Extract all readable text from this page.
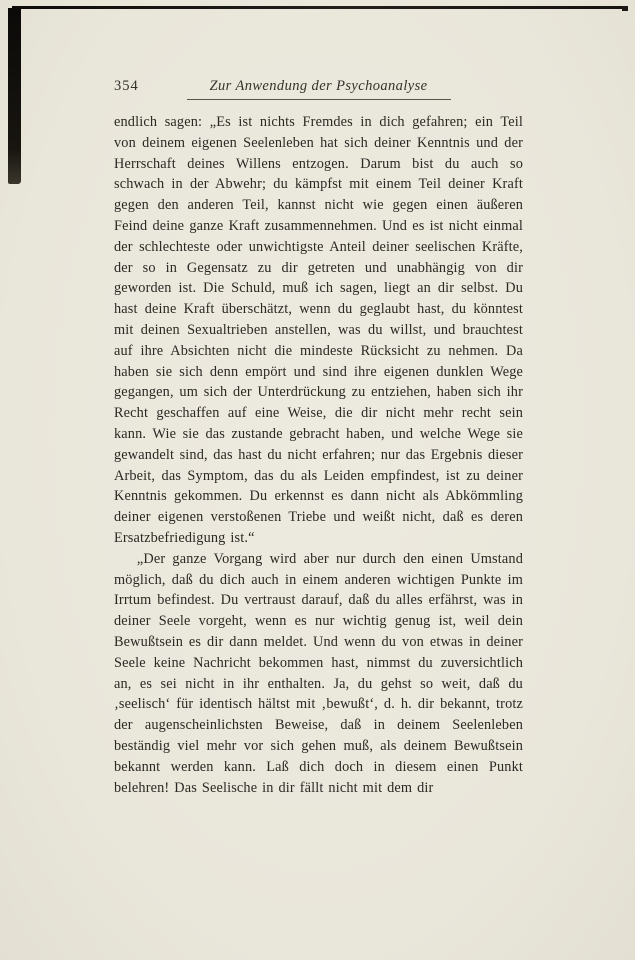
354	Zur Anwendung der Psychoanalyse

endlich sagen: „Es ist nichts Fremdes in dich gefahren; ein Teil von deinem eigenen Seelenleben hat sich deiner Kenntnis und der Herrschaft deines Willens entzogen. Darum bist du auch so schwach in der Abwehr; du kämpfst mit einem Teil deiner Kraft gegen den anderen Teil, kannst nicht wie gegen einen äußeren Feind deine ganze Kraft zusammennehmen. Und es ist nicht einmal der schlechteste oder unwichtigste Anteil deiner seelischen Kräfte, der so in Gegensatz zu dir getreten und unabhängig von dir geworden ist. Die Schuld, muß ich sagen, liegt an dir selbst. Du hast deine Kraft überschätzt, wenn du geglaubt hast, du könntest mit deinen Sexualtrieben anstellen, was du willst, und brauchtest auf ihre Absichten nicht die mindeste Rücksicht zu nehmen. Da haben sie sich denn empört und sind ihre eigenen dunklen Wege gegangen, um sich der Unterdrückung zu entziehen, haben sich ihr Recht geschaffen auf eine Weise, die dir nicht mehr recht sein kann. Wie sie das zustande gebracht haben, und welche Wege sie gewandelt sind, das hast du nicht erfahren; nur das Ergebnis dieser Arbeit, das Symptom, das du als Leiden empfindest, ist zu deiner Kenntnis gekommen. Du erkennst es dann nicht als Abkömmling deiner eigenen verstoßenen Triebe und weißt nicht, daß es deren Ersatzbefriedigung ist.“

„Der ganze Vorgang wird aber nur durch den einen Umstand möglich, daß du dich auch in einem anderen wichtigen Punkte im Irrtum befindest. Du vertraust darauf, daß du alles erfährst, was in deiner Seele vorgeht, wenn es nur wichtig genug ist, weil dein Bewußtsein es dir dann meldet. Und wenn du von etwas in deiner Seele keine Nachricht bekommen hast, nimmst du zuversichtlich an, es sei nicht in ihr enthalten. Ja, du gehst so weit, daß du ‚seelisch‘ für identisch hältst mit ‚bewußt‘, d. h. dir bekannt, trotz der augenscheinlichsten Beweise, daß in deinem Seelenleben beständig viel mehr vor sich gehen muß, als deinem Bewußtsein bekannt werden kann. Laß dich doch in diesem einen Punkt belehren! Das Seelische in dir fällt nicht mit dem dir
